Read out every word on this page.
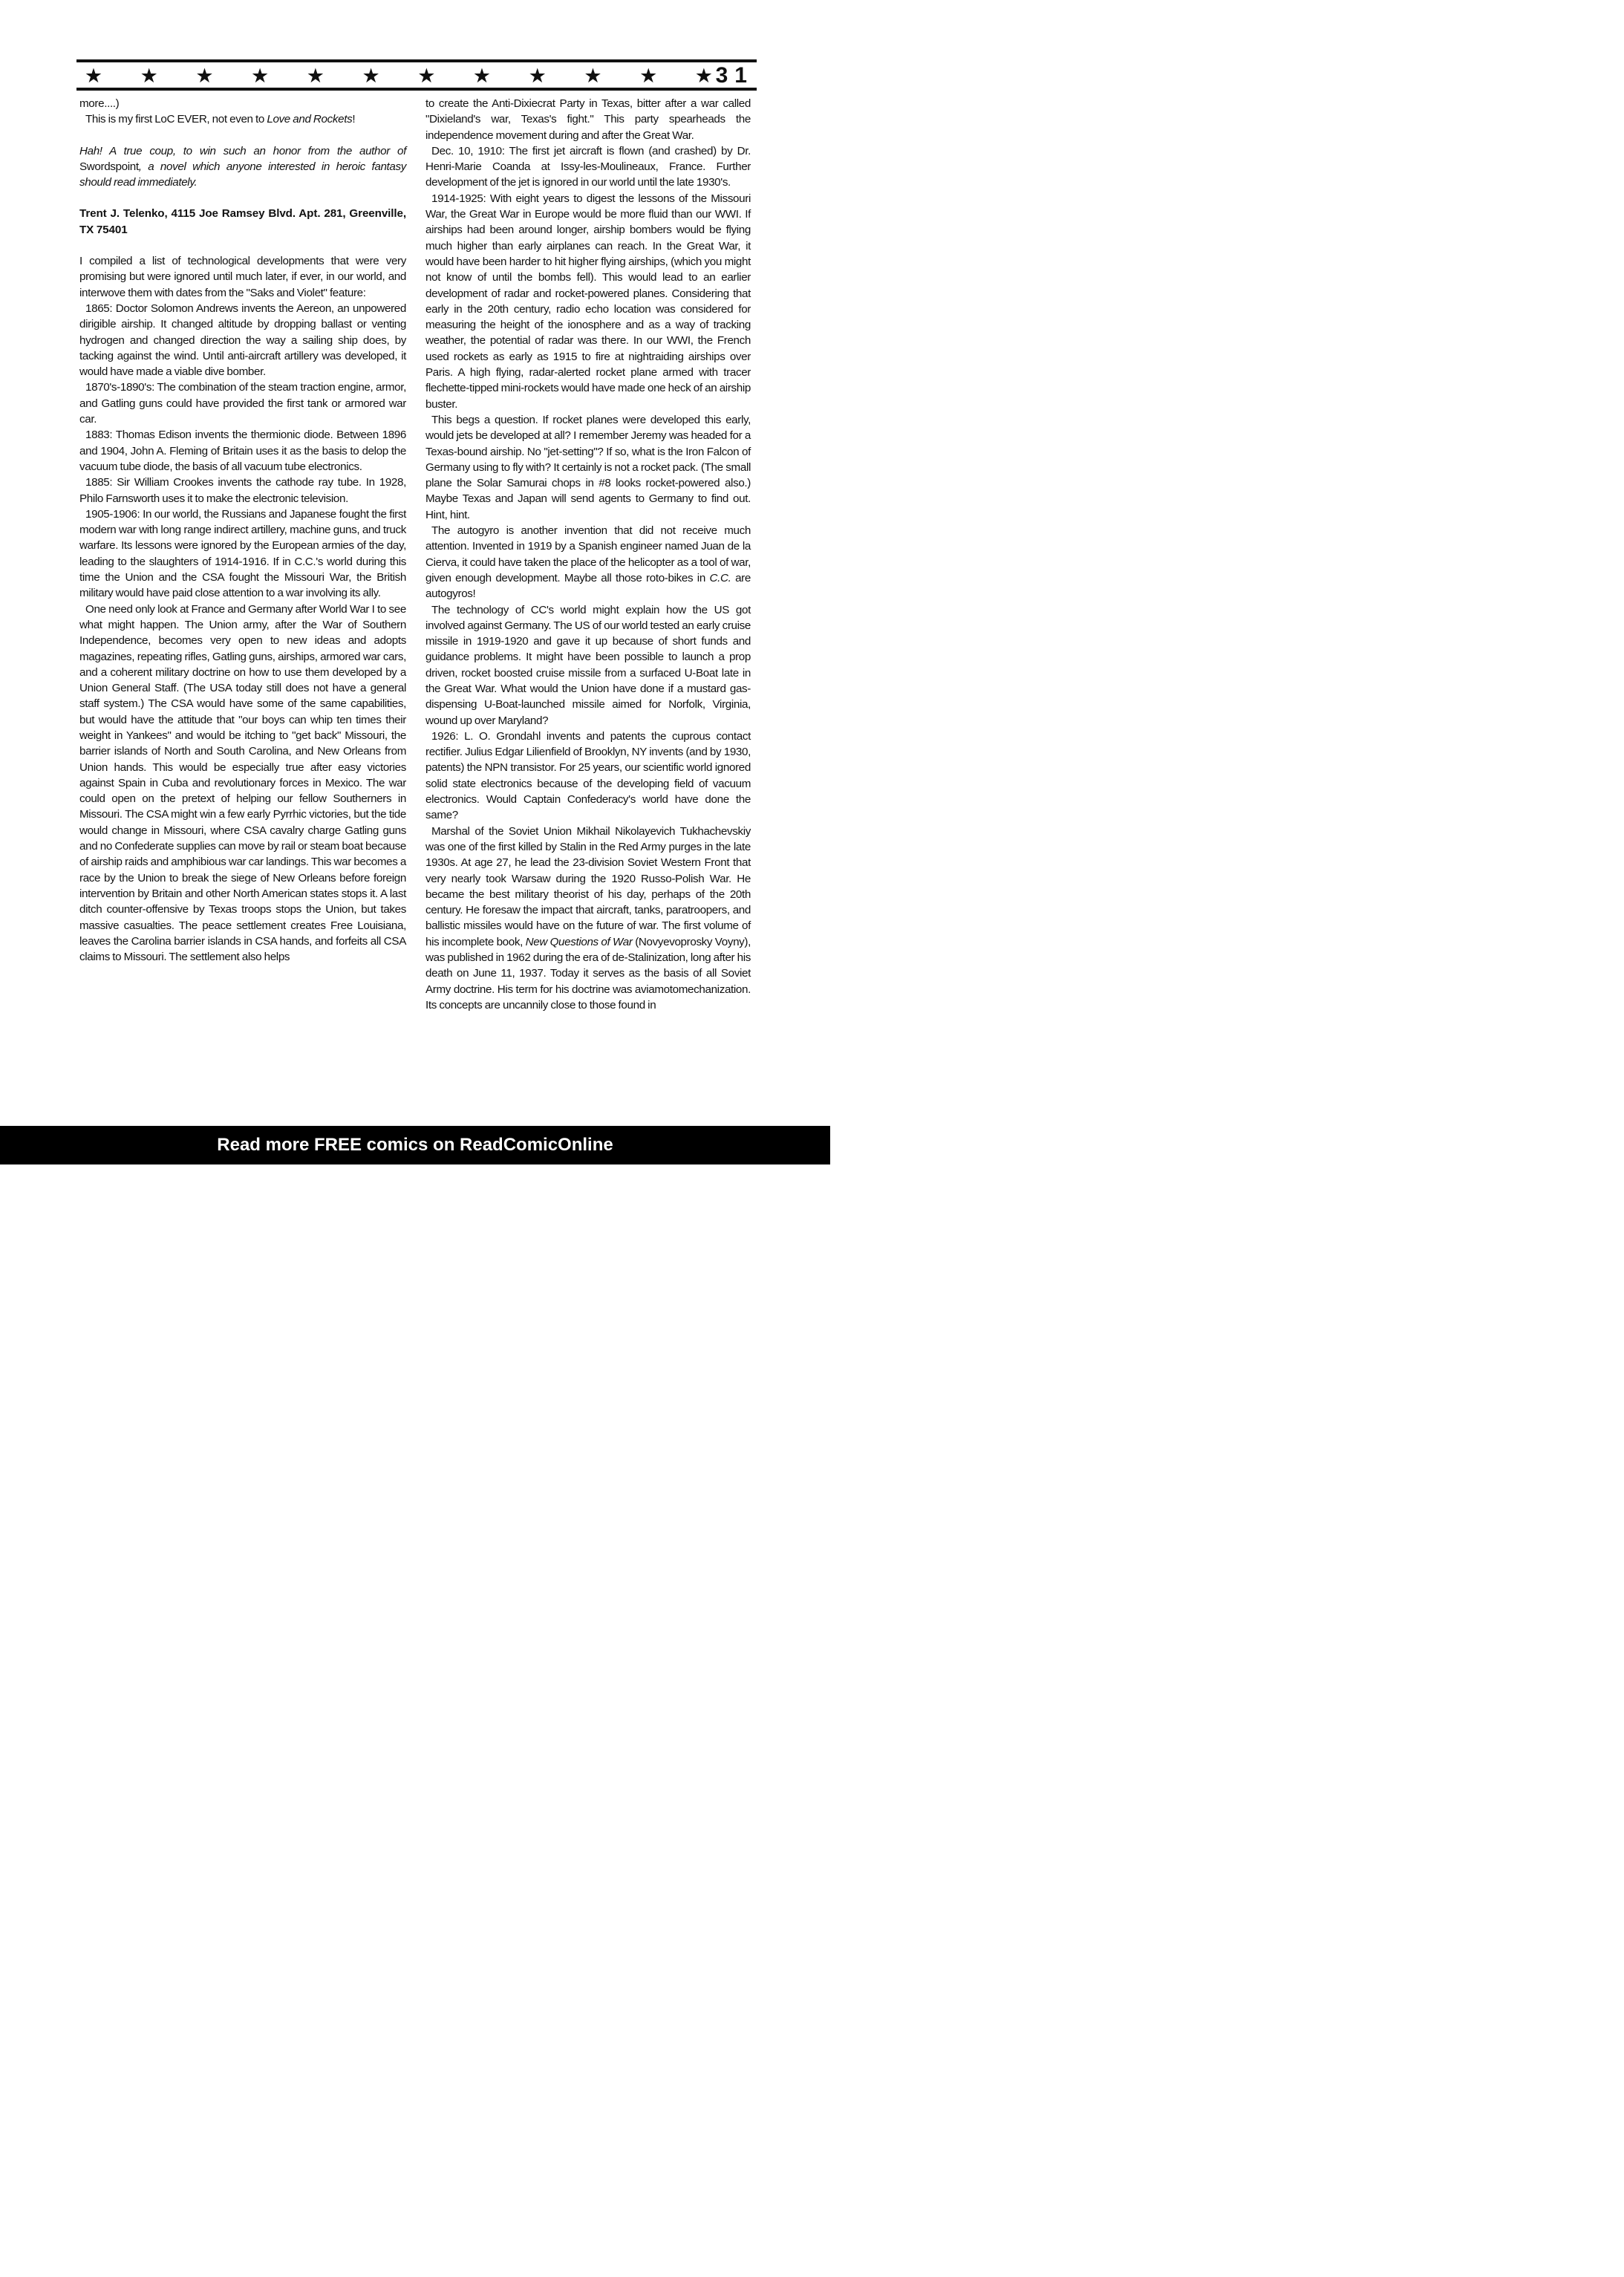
★ ★ ★ ★ ★ ★ ★ ★ ★ ★ ★ ★ 31

more....)

This is my first LoC EVER, not even to Love and Rockets!

Hah! A true coup, to win such an honor from the author of Swordspoint, a novel which anyone interested in heroic fantasy should read immediately.

Trent J. Telenko, 4115 Joe Ramsey Blvd. Apt. 281, Greenville, TX 75401

I compiled a list of technological developments that were very promising but were ignored until much later, if ever, in our world, and interwove them with dates from the "Saks and Violet" feature:

1865: Doctor Solomon Andrews invents the Aereon, an unpowered dirigible airship. It changed altitude by dropping ballast or venting hydrogen and changed direction the way a sailing ship does, by tacking against the wind. Until anti-aircraft artillery was developed, it would have made a viable dive bomber.

1870's-1890's: The combination of the steam traction engine, armor, and Gatling guns could have provided the first tank or armored war car.

1883: Thomas Edison invents the thermionic diode. Between 1896 and 1904, John A. Fleming of Britain uses it as the basis to delop the vacuum tube diode, the basis of all vacuum tube electronics.

1885: Sir William Crookes invents the cathode ray tube. In 1928, Philo Farnsworth uses it to make the electronic television.

1905-1906: In our world, the Russians and Japanese fought the first modern war with long range indirect artillery, machine guns, and truck warfare. Its lessons were ignored by the European armies of the day, leading to the slaughters of 1914-1916. If in C.C.'s world during this time the Union and the CSA fought the Missouri War, the British military would have paid close attention to a war involving its ally.

One need only look at France and Germany after World War I to see what might happen. The Union army, after the War of Southern Independence, becomes very open to new ideas and adopts magazines, repeating rifles, Gatling guns, airships, armored war cars, and a coherent military doctrine on how to use them developed by a Union General Staff. (The USA today still does not have a general staff system.) The CSA would have some of the same capabilities, but would have the attitude that "our boys can whip ten times their weight in Yankees" and would be itching to "get back" Missouri, the barrier islands of North and South Carolina, and New Orleans from Union hands. This would be especially true after easy victories against Spain in Cuba and revolutionary forces in Mexico. The war could open on the pretext of helping our fellow Southerners in Missouri. The CSA might win a few early Pyrrhic victories, but the tide would change in Missouri, where CSA cavalry charge Gatling guns and no Confederate supplies can move by rail or steam boat because of airship raids and amphibious war car landings. This war becomes a race by the Union to break the siege of New Orleans before foreign intervention by Britain and other North American states stops it. A last ditch counter-offensive by Texas troops stops the Union, but takes massive casualties. The peace settlement creates Free Louisiana, leaves the Carolina barrier islands in CSA hands, and forfeits all CSA claims to Missouri. The settlement also helps

to create the Anti-Dixiecrat Party in Texas, bitter after a war called "Dixieland's war, Texas's fight." This party spearheads the independence movement during and after the Great War.

Dec. 10, 1910: The first jet aircraft is flown (and crashed) by Dr. Henri-Marie Coanda at Issy-les-Moulineaux, France. Further development of the jet is ignored in our world until the late 1930's.

1914-1925: With eight years to digest the lessons of the Missouri War, the Great War in Europe would be more fluid than our WWI. If airships had been around longer, airship bombers would be flying much higher than early airplanes can reach. In the Great War, it would have been harder to hit higher flying airships, (which you might not know of until the bombs fell). This would lead to an earlier development of radar and rocket-powered planes. Considering that early in the 20th century, radio echo location was considered for measuring the height of the ionosphere and as a way of tracking weather, the potential of radar was there. In our WWI, the French used rockets as early as 1915 to fire at nightraiding airships over Paris. A high flying, radar-alerted rocket plane armed with tracer flechette-tipped mini-rockets would have made one heck of an airship buster.

This begs a question. If rocket planes were developed this early, would jets be developed at all? I remember Jeremy was headed for a Texas-bound airship. No "jet-setting"? If so, what is the Iron Falcon of Germany using to fly with? It certainly is not a rocket pack. (The small plane the Solar Samurai chops in #8 looks rocket-powered also.) Maybe Texas and Japan will send agents to Germany to find out. Hint, hint.

The autogyro is another invention that did not receive much attention. Invented in 1919 by a Spanish engineer named Juan de la Cierva, it could have taken the place of the helicopter as a tool of war, given enough development. Maybe all those roto-bikes in C.C. are autogyros!

The technology of CC's world might explain how the US got involved against Germany. The US of our world tested an early cruise missile in 1919-1920 and gave it up because of short funds and guidance problems. It might have been possible to launch a prop driven, rocket boosted cruise missile from a surfaced U-Boat late in the Great War. What would the Union have done if a mustard gas-dispensing U-Boat-launched missile aimed for Norfolk, Virginia, wound up over Maryland?

1926: L. O. Grondahl invents and patents the cuprous contact rectifier. Julius Edgar Lilienfield of Brooklyn, NY invents (and by 1930, patents) the NPN transistor. For 25 years, our scientific world ignored solid state electronics because of the developing field of vacuum electronics. Would Captain Confederacy's world have done the same?

Marshal of the Soviet Union Mikhail Nikolayevich Tukhachevskiy was one of the first killed by Stalin in the Red Army purges in the late 1930s. At age 27, he lead the 23-division Soviet Western Front that very nearly took Warsaw during the 1920 Russo-Polish War. He became the best military theorist of his day, perhaps of the 20th century. He foresaw the impact that aircraft, tanks, paratroopers, and ballistic missiles would have on the future of war. The first volume of his incomplete book, New Questions of War (Novyevoprosky Voyny), was published in 1962 during the era of de-Stalinization, long after his death on June 11, 1937. Today it serves as the basis of all Soviet Army doctrine. His term for his doctrine was aviamotomechanization. Its concepts are uncannily close to those found in

Read more FREE comics on ReadComicOnline
